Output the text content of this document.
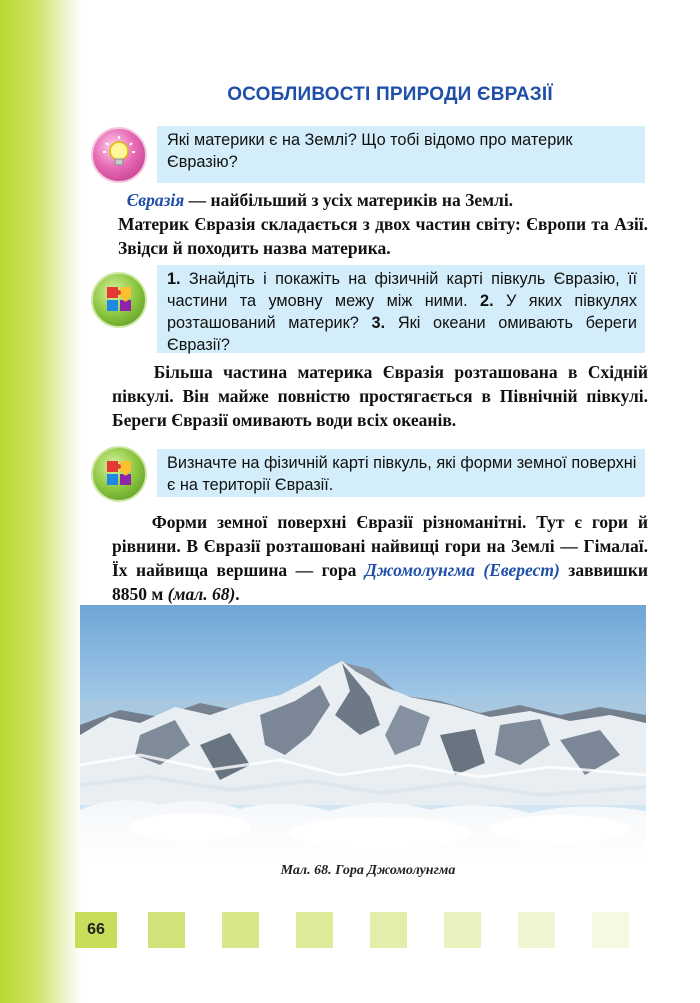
ОСОБЛИВОСТІ ПРИРОДИ ЄВРАЗІЇ
Які материки є на Землі? Що тобі відомо про материк Євразію?
Євразія — найбільший з усіх материків на Землі.
Материк Євразія складається з двох частин світу: Європи та Азії. Звідси й походить назва материка.
1. Знайдіть і покажіть на фізичній карті півкуль Євразію, її частини та умовну межу між ними. 2. У яких півкулях розташований материк? 3. Які океани омивають береги Євразії?
Більша частина материка Євразія розташована в Східній півкулі. Він майже повністю простягається в Північній півкулі. Береги Євразії омивають води всіх океанів.
Визначте на фізичній карті півкуль, які форми земної поверхні є на території Євразії.
Форми земної поверхні Євразії різноманітні. Тут є гори й рівнини. В Євразії розташовані найвищі гори на Землі — Гімалаї. Їх найвища вершина — гора Джомолунгма (Еверест) заввишки 8850 м (мал. 68).
Мал. 68. Гора Джомолунгма
66
